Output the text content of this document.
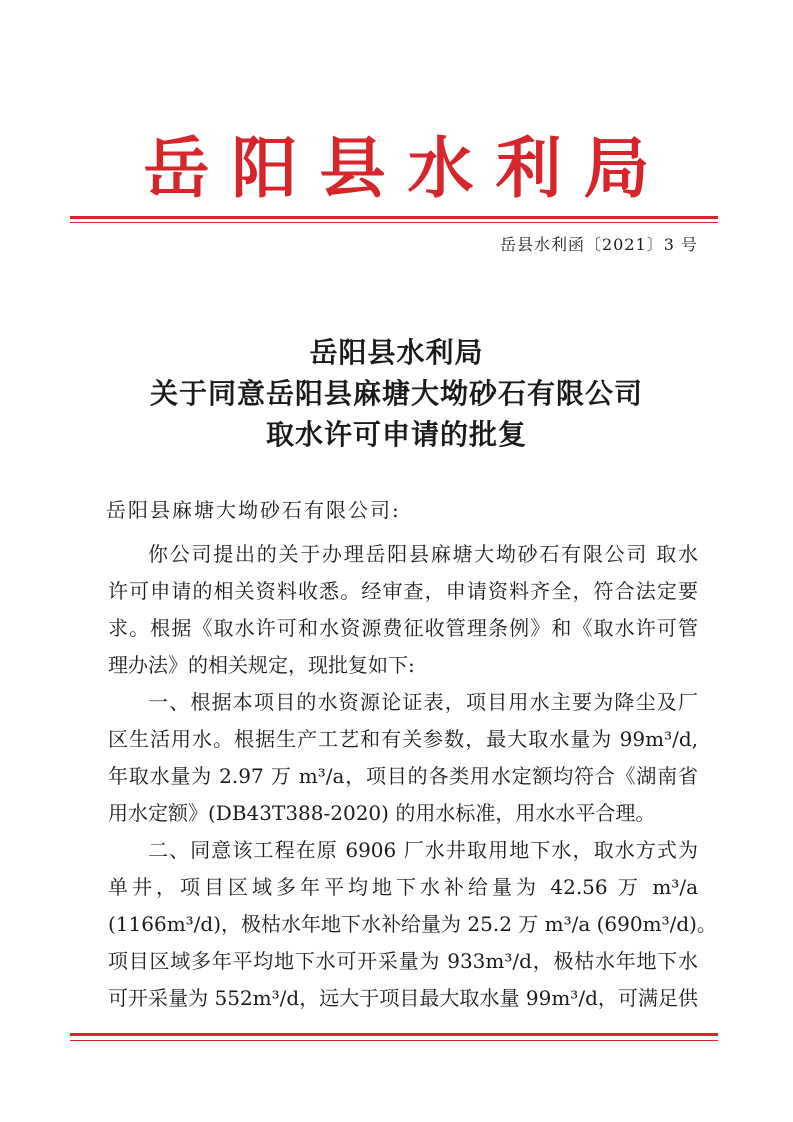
岳阳县水利局
岳县水利函〔2021〕3 号
岳阳县水利局
关于同意岳阳县麻塘大坳砂石有限公司
取水许可申请的批复
岳阳县麻塘大坳砂石有限公司:
你公司提出的关于办理岳阳县麻塘大坳砂石有限公司 取水
许可申请的相关资料收悉。经审查，申请资料齐全，符合法定要
求。根据《取水许可和水资源费征收管理条例》和《取水许可管
理办法》的相关规定，现批复如下:
一、根据本项目的水资源论证表，项目用水主要为降尘及厂
区生活用水。根据生产工艺和有关参数，最大取水量为 99m³/d,
年取水量为 2.97 万 m³/a，项目的各类用水定额均符合《湖南省
用水定额》(DB43T388-2020) 的用水标准，用水水平合理。
二、同意该工程在原 6906 厂水井取用地下水，取水方式为
单井，项目区域多年平均地下水补给量为 42.56 万 m³/a
(1166m³/d)，极枯水年地下水补给量为 25.2 万 m³/a (690m³/d)。
项目区域多年平均地下水可开采量为 933m³/d，极枯水年地下水
可开采量为 552m³/d，远大于项目最大取水量 99m³/d，可满足供
